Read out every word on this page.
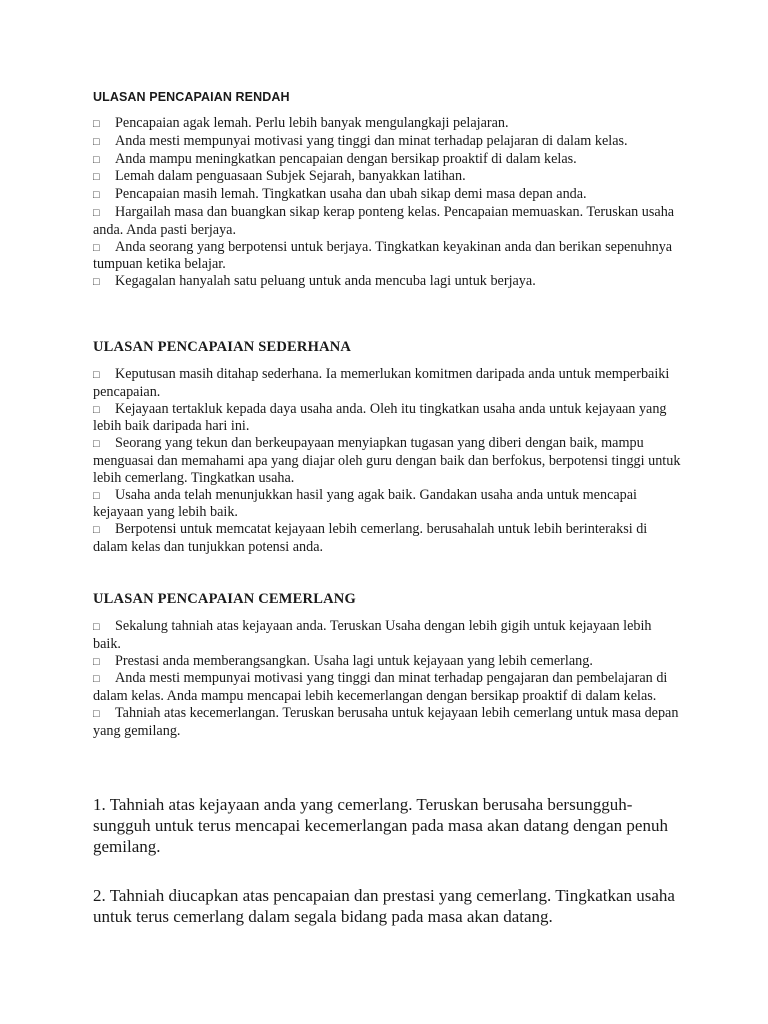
ULASAN PENCAPAIAN RENDAH
□ Pencapaian agak lemah. Perlu lebih banyak mengulangkaji pelajaran.
□ Anda mesti mempunyai motivasi yang tinggi dan minat terhadap pelajaran di dalam kelas.
□ Anda mampu meningkatkan pencapaian dengan bersikap proaktif di dalam kelas.
□ Lemah dalam penguasaan Subjek Sejarah, banyakkan latihan.
□ Pencapaian masih lemah. Tingkatkan usaha dan ubah sikap demi masa depan anda.
□ Hargailah masa dan buangkan sikap kerap ponteng kelas. Pencapaian memuaskan. Teruskan usaha anda. Anda pasti berjaya.
□ Anda seorang yang berpotensi untuk berjaya. Tingkatkan keyakinan anda dan berikan sepenuhnya tumpuan ketika belajar.
□ Kegagalan hanyalah satu peluang untuk anda mencuba lagi untuk berjaya.
ULASAN PENCAPAIAN SEDERHANA
□ Keputusan masih ditahap sederhana. Ia memerlukan komitmen daripada anda untuk memperbaiki pencapaian.
□ Kejayaan tertakluk kepada daya usaha anda. Oleh itu tingkatkan usaha anda untuk kejayaan yang lebih baik daripada hari ini.
□ Seorang yang tekun dan berkeupayaan menyiapkan tugasan yang diberi dengan baik, mampu menguasai dan memahami apa yang diajar oleh guru dengan baik dan berfokus, berpotensi tinggi untuk lebih cemerlang. Tingkatkan usaha.
□ Usaha anda telah menunjukkan hasil yang agak baik. Gandakan usaha anda untuk mencapai kejayaan yang lebih baik.
□ Berpotensi untuk memcatat kejayaan lebih cemerlang. berusahalah untuk lebih berinteraksi di dalam kelas dan tunjukkan potensi anda.
ULASAN PENCAPAIAN CEMERLANG
□ Sekalung tahniah atas kejayaan anda. Teruskan Usaha dengan lebih gigih untuk kejayaan lebih baik.
□ Prestasi anda memberangsangkan. Usaha lagi untuk kejayaan yang lebih cemerlang.
□ Anda mesti mempunyai motivasi yang tinggi dan minat terhadap pengajaran dan pembelajaran di dalam kelas. Anda mampu mencapai lebih kecemerlangan dengan bersikap proaktif di dalam kelas.
□ Tahniah atas kecemerlangan. Teruskan berusaha untuk kejayaan lebih cemerlang untuk masa depan yang gemilang.

1. Tahniah atas kejayaan anda yang cemerlang. Teruskan berusaha bersungguh-sungguh untuk terus mencapai kecemerlangan pada masa akan datang dengan penuh gemilang.

2. Tahniah diucapkan atas pencapaian dan prestasi yang cemerlang. Tingkatkan usaha untuk terus cemerlang dalam segala bidang pada masa akan datang.
